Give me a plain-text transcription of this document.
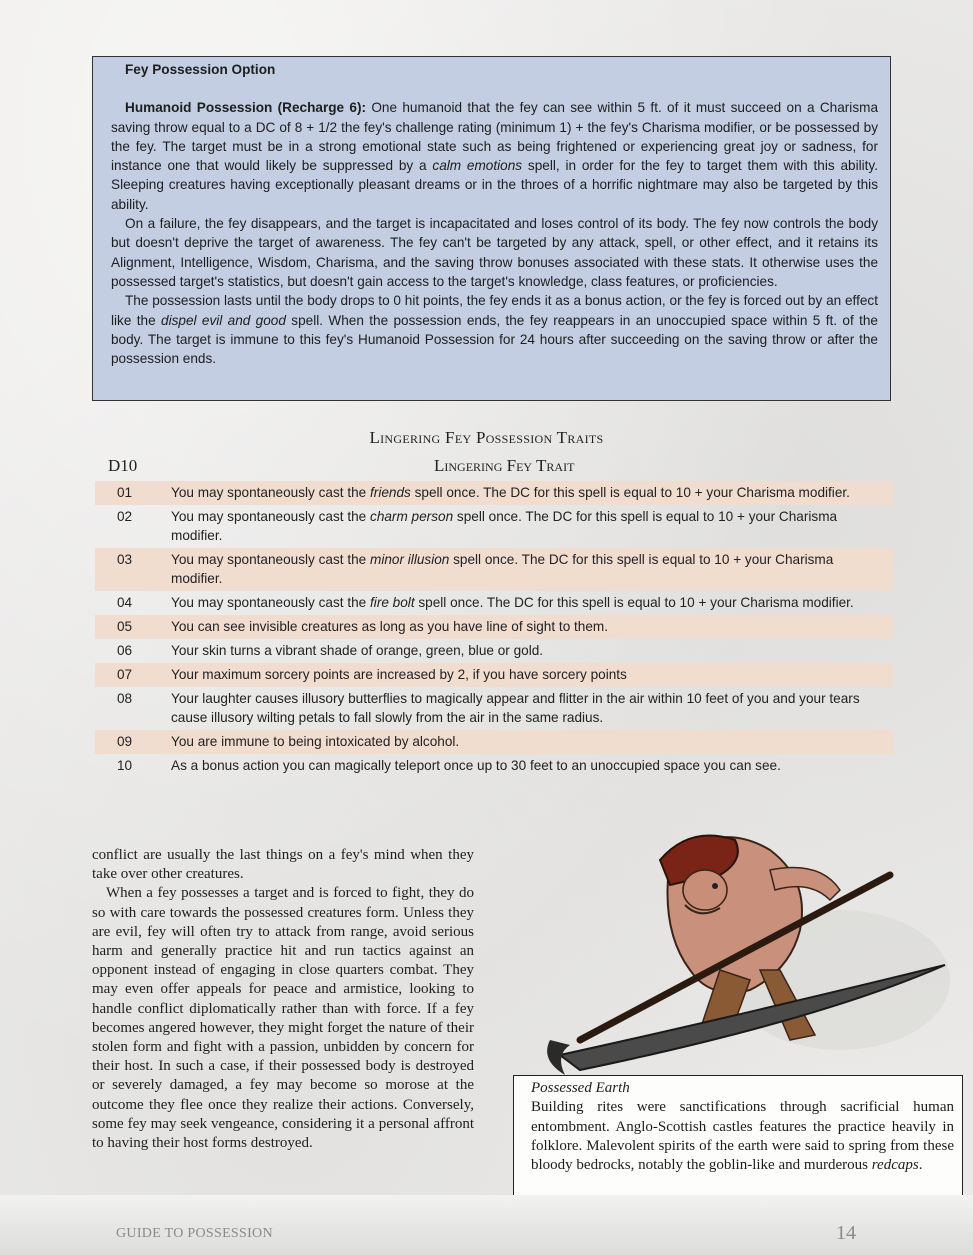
Fey Possession Option

Humanoid Possession (Recharge 6): One humanoid that the fey can see within 5 ft. of it must succeed on a Charisma saving throw equal to a DC of 8 + 1/2 the fey's challenge rating (minimum 1) + the fey's Charisma modifier, or be possessed by the fey. The target must be in a strong emotional state such as being frightened or experiencing great joy or sadness, for instance one that would likely be suppressed by a calm emotions spell, in order for the fey to target them with this ability. Sleeping creatures having exceptionally pleasant dreams or in the throes of a horrific nightmare may also be targeted by this ability.

On a failure, the fey disappears, and the target is incapacitated and loses control of its body. The fey now controls the body but doesn't deprive the target of awareness. The fey can't be targeted by any attack, spell, or other effect, and it retains its Alignment, Intelligence, Wisdom, Charisma, and the saving throw bonuses associated with these stats. It otherwise uses the possessed target's statistics, but doesn't gain access to the target's knowledge, class features, or proficiencies.

The possession lasts until the body drops to 0 hit points, the fey ends it as a bonus action, or the fey is forced out by an effect like the dispel evil and good spell. When the possession ends, the fey reappears in an unoccupied space within 5 ft. of the body. The target is immune to this fey's Humanoid Possession for 24 hours after succeeding on the saving throw or after the possession ends.

Lingering Fey Possession Traits
D10	Lingering Fey Trait
01	You may spontaneously cast the friends spell once. The DC for this spell is equal to 10 + your Charisma modifier.
02	You may spontaneously cast the charm person spell once. The DC for this spell is equal to 10 + your Charisma modifier.
03	You may spontaneously cast the minor illusion spell once. The DC for this spell is equal to 10 + your Charisma modifier.
04	You may spontaneously cast the fire bolt spell once. The DC for this spell is equal to 10 + your Charisma modifier.
05	You can see invisible creatures as long as you have line of sight to them.
06	Your skin turns a vibrant shade of orange, green, blue or gold.
07	Your maximum sorcery points are increased by 2, if you have sorcery points
08	Your laughter causes illusory butterflies to magically appear and flitter in the air within 10 feet of you and your tears cause illusory wilting petals to fall slowly from the air in the same radius.
09	You are immune to being intoxicated by alcohol.
10	As a bonus action you can magically teleport once up to 30 feet to an unoccupied space you can see.

conflict are usually the last things on a fey's mind when they take over other creatures.

When a fey possesses a target and is forced to fight, they do so with care towards the possessed creatures form. Unless they are evil, fey will often try to attack from range, avoid serious harm and generally practice hit and run tactics against an opponent instead of engaging in close quarters combat. They may even offer appeals for peace and armistice, looking to handle conflict diplomatically rather than with force. If a fey becomes angered however, they might forget the nature of their stolen form and fight with a passion, unbidden by concern for their host. In such a case, if their possessed body is destroyed or severely damaged, a fey may become so morose at the outcome they flee once they realize their actions. Conversely, some fey may seek vengeance, considering it a personal affront to having their host forms destroyed.

Possessed Earth
Building rites were sanctifications through sacrificial human entombment. Anglo-Scottish castles features the practice heavily in folklore. Malevolent spirits of the earth were said to spring from these bloody bedrocks, notably the goblin-like and murderous redcaps.
GUIDE TO POSSESSION	14
